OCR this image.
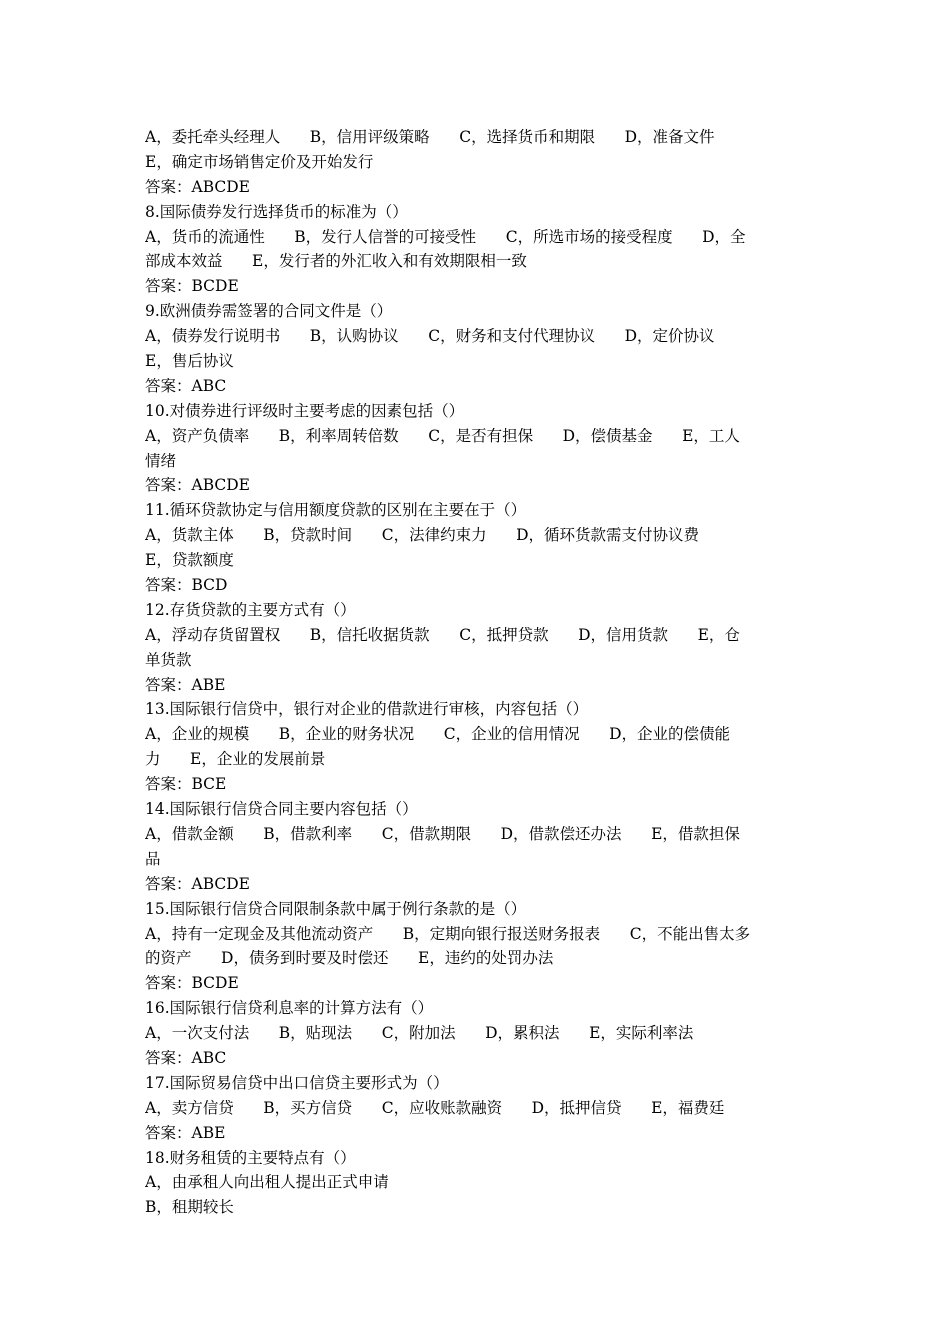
A，委托牵头经理人      B，信用评级策略      C，选择货币和期限      D，准备文件
E，确定市场销售定价及开始发行
答案：ABCDE
8.国际债券发行选择货币的标准为（）
A，货币的流通性      B，发行人信誉的可接受性      C，所选市场的接受程度      D，全
部成本效益      E，发行者的外汇收入和有效期限相一致
答案：BCDE
9.欧洲债券需签署的合同文件是（）
A，债券发行说明书      B，认购协议      C，财务和支付代理协议      D，定价协议
E，售后协议
答案：ABC
10.对债券进行评级时主要考虑的因素包括（）
A，资产负债率      B，利率周转倍数      C，是否有担保      D，偿债基金      E，工人
情绪
答案：ABCDE
11.循环贷款协定与信用额度贷款的区别在主要在于（）
A，货款主体      B，贷款时间      C，法律约束力      D，循环货款需支付协议费
E，贷款额度
答案：BCD
12.存货贷款的主要方式有（）
A，浮动存货留置权      B，信托收据货款      C，抵押贷款      D，信用货款      E，仓
单货款
答案：ABE
13.国际银行信贷中，银行对企业的借款进行审核，内容包括（）
A，企业的规模      B，企业的财务状况      C，企业的信用情况      D，企业的偿债能
力      E，企业的发展前景
答案：BCE
14.国际银行信贷合同主要内容包括（）
A，借款金额      B，借款利率      C，借款期限      D，借款偿还办法      E，借款担保
品
答案：ABCDE
15.国际银行信贷合同限制条款中属于例行条款的是（）
A，持有一定现金及其他流动资产      B，定期向银行报送财务报表      C，不能出售太多
的资产      D，债务到时要及时偿还      E，违约的处罚办法
答案：BCDE
16.国际银行信贷利息率的计算方法有（）
A，一次支付法      B，贴现法      C，附加法      D，累积法      E，实际利率法
答案：ABC
17.国际贸易信贷中出口信贷主要形式为（）
A，卖方信贷      B，买方信贷      C，应收账款融资      D，抵押信贷      E，福费廷
答案：ABE
18.财务租赁的主要特点有（）
A，由承租人向出租人提出正式申请
B，租期较长
